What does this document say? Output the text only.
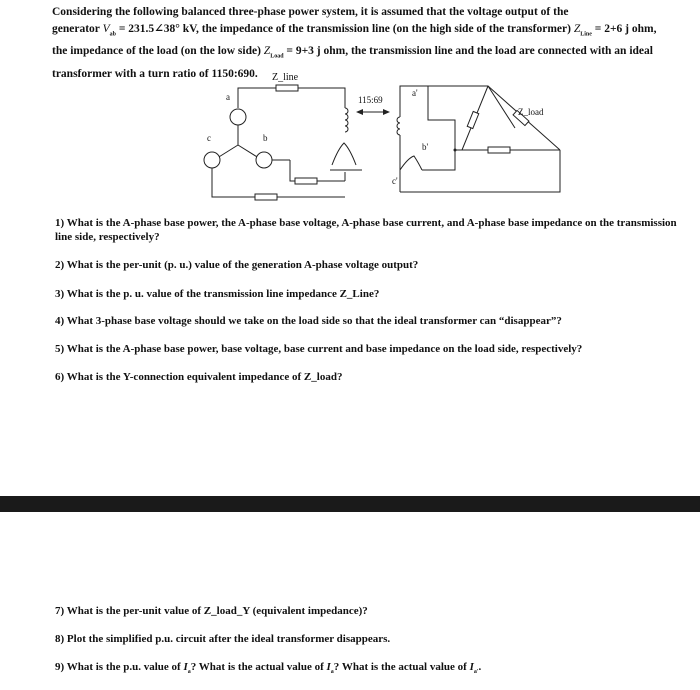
Considering the following balanced three-phase power system, it is assumed that the voltage output of the
generator $V_{ab}$ = 231.5∠38° kV, the impedance of the transmission line (on the high side of the transformer) $Z_{Line} = 2+6$ j ohm,
the impedance of the load (on the low side) $Z_{Load} = 9+3$ j ohm, the transmission line and the load are connected with an ideal
transformer with a turn ratio of 1150:690.	Z_line
115:69
Z_load
a
b
c
a'
b'
c'
1) What is the A-phase base power, the A-phase base voltage, A-phase base current, and A-phase base impedance on the transmission line side, respectively?
2) What is the per-unit (p. u.) value of the generation A-phase voltage output?
3) What is the p. u. value of the transmission line impedance Z_Line?
4) What 3-phase base voltage should we take on the load side so that the ideal transformer can “disappear”?
5) What is the A-phase base power, base voltage, base current and base impedance on the load side, respectively?
6) What is the Y-connection equivalent impedance of Z_load?
7) What is the per-unit value of Z_load_Y (equivalent impedance)?
8) Plot the simplified p.u. circuit after the ideal transformer disappears.
9) What is the p.u. value of $I_a$? What is the actual value of $I_a$? What is the actual value of $I_{a'}$.
